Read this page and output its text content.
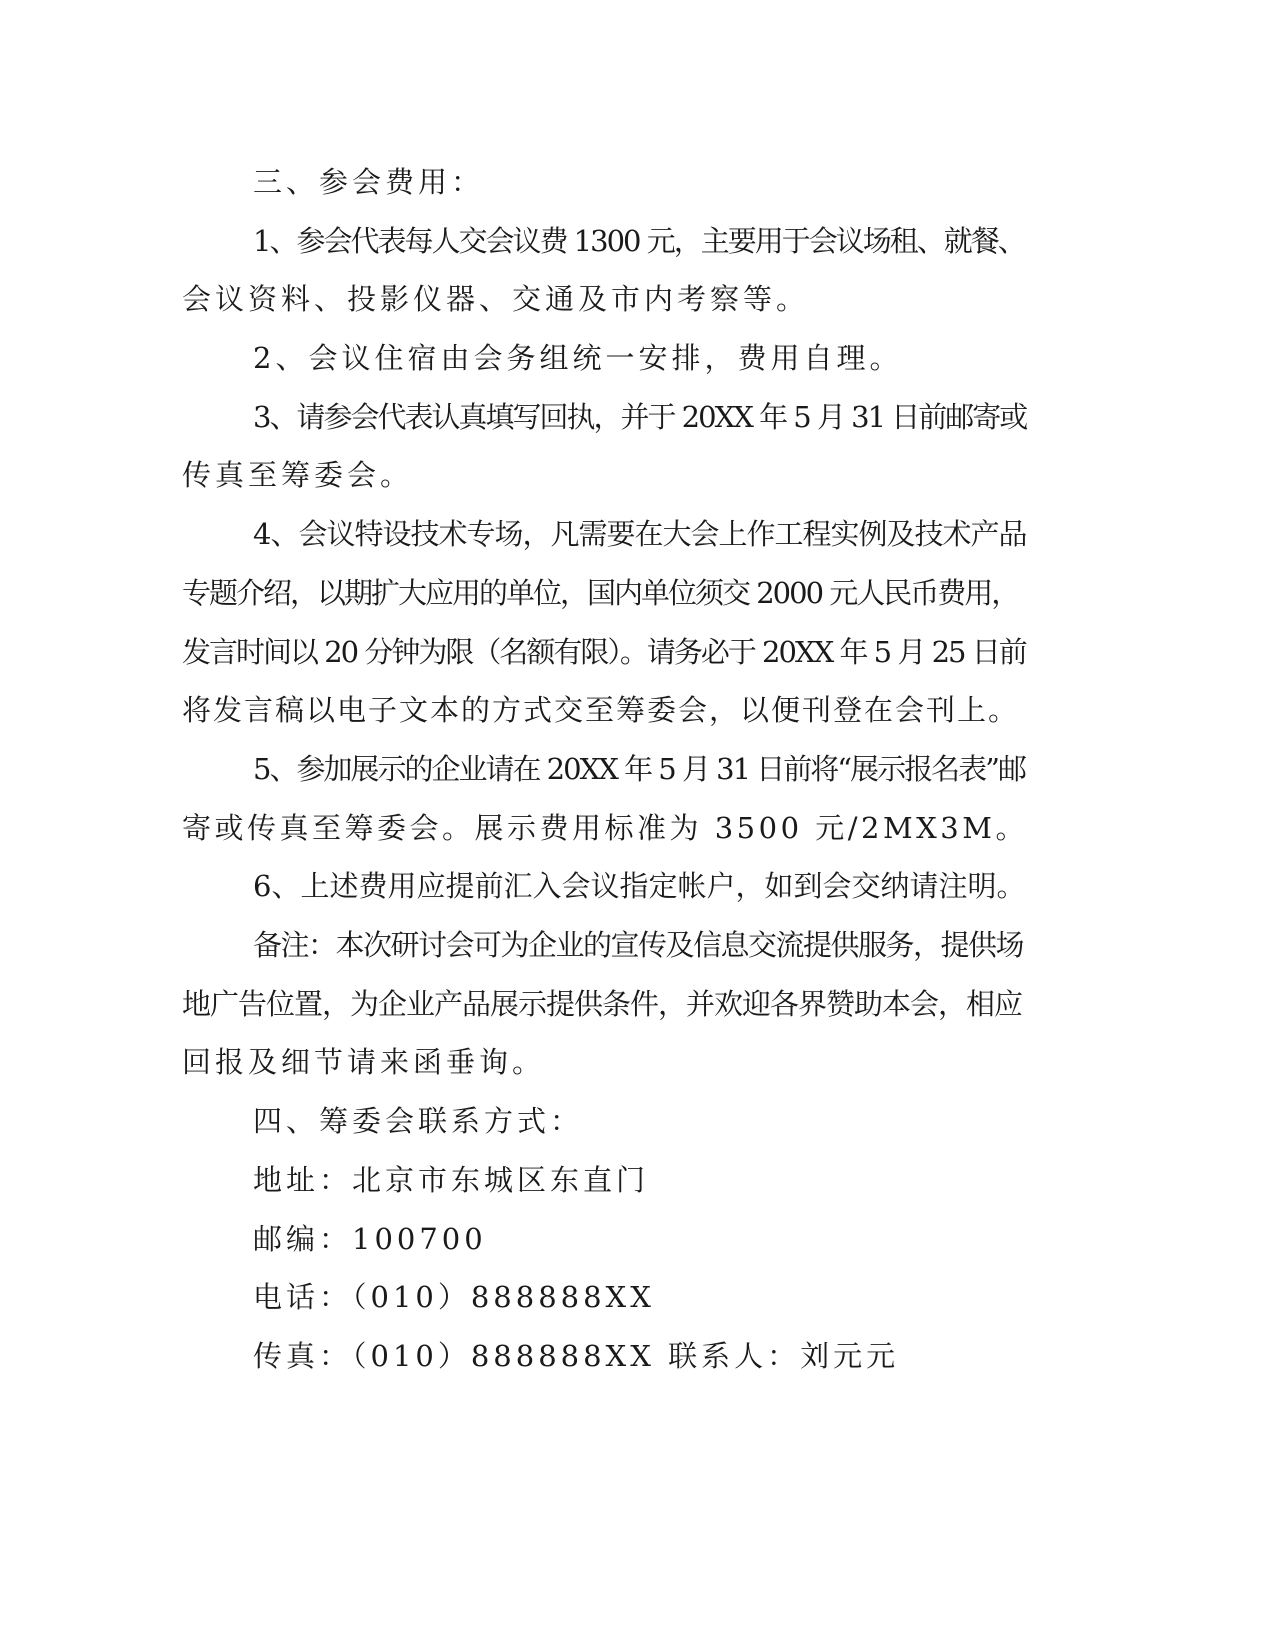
三、参会费用：
1、参会代表每人交会议费 1300 元，主要用于会议场租、就餐、
会议资料、投影仪器、交通及市内考察等。
2、会议住宿由会务组统一安排，费用自理。
3、请参会代表认真填写回执，并于 20XX 年 5 月 31 日前邮寄或
传真至筹委会。
4、会议特设技术专场，凡需要在大会上作工程实例及技术产品
专题介绍，以期扩大应用的单位，国内单位须交 2000 元人民币费用，
发言时间以 20 分钟为限（名额有限）。请务必于 20XX 年 5 月 25 日前
将发言稿以电子文本的方式交至筹委会，以便刊登在会刊上。
5、参加展示的企业请在 20XX 年 5 月 31 日前将“展示报名表”邮
寄或传真至筹委会。展示费用标准为 3500 元/2MX3M。
6、上述费用应提前汇入会议指定帐户，如到会交纳请注明。
备注：本次研讨会可为企业的宣传及信息交流提供服务，提供场
地广告位置，为企业产品展示提供条件，并欢迎各界赞助本会，相应
回报及细节请来函垂询。
四、筹委会联系方式：
地址：北京市东城区东直门
邮编：100700
电话：（010）888888XX
传真：（010）888888XX 联系人：刘元元
